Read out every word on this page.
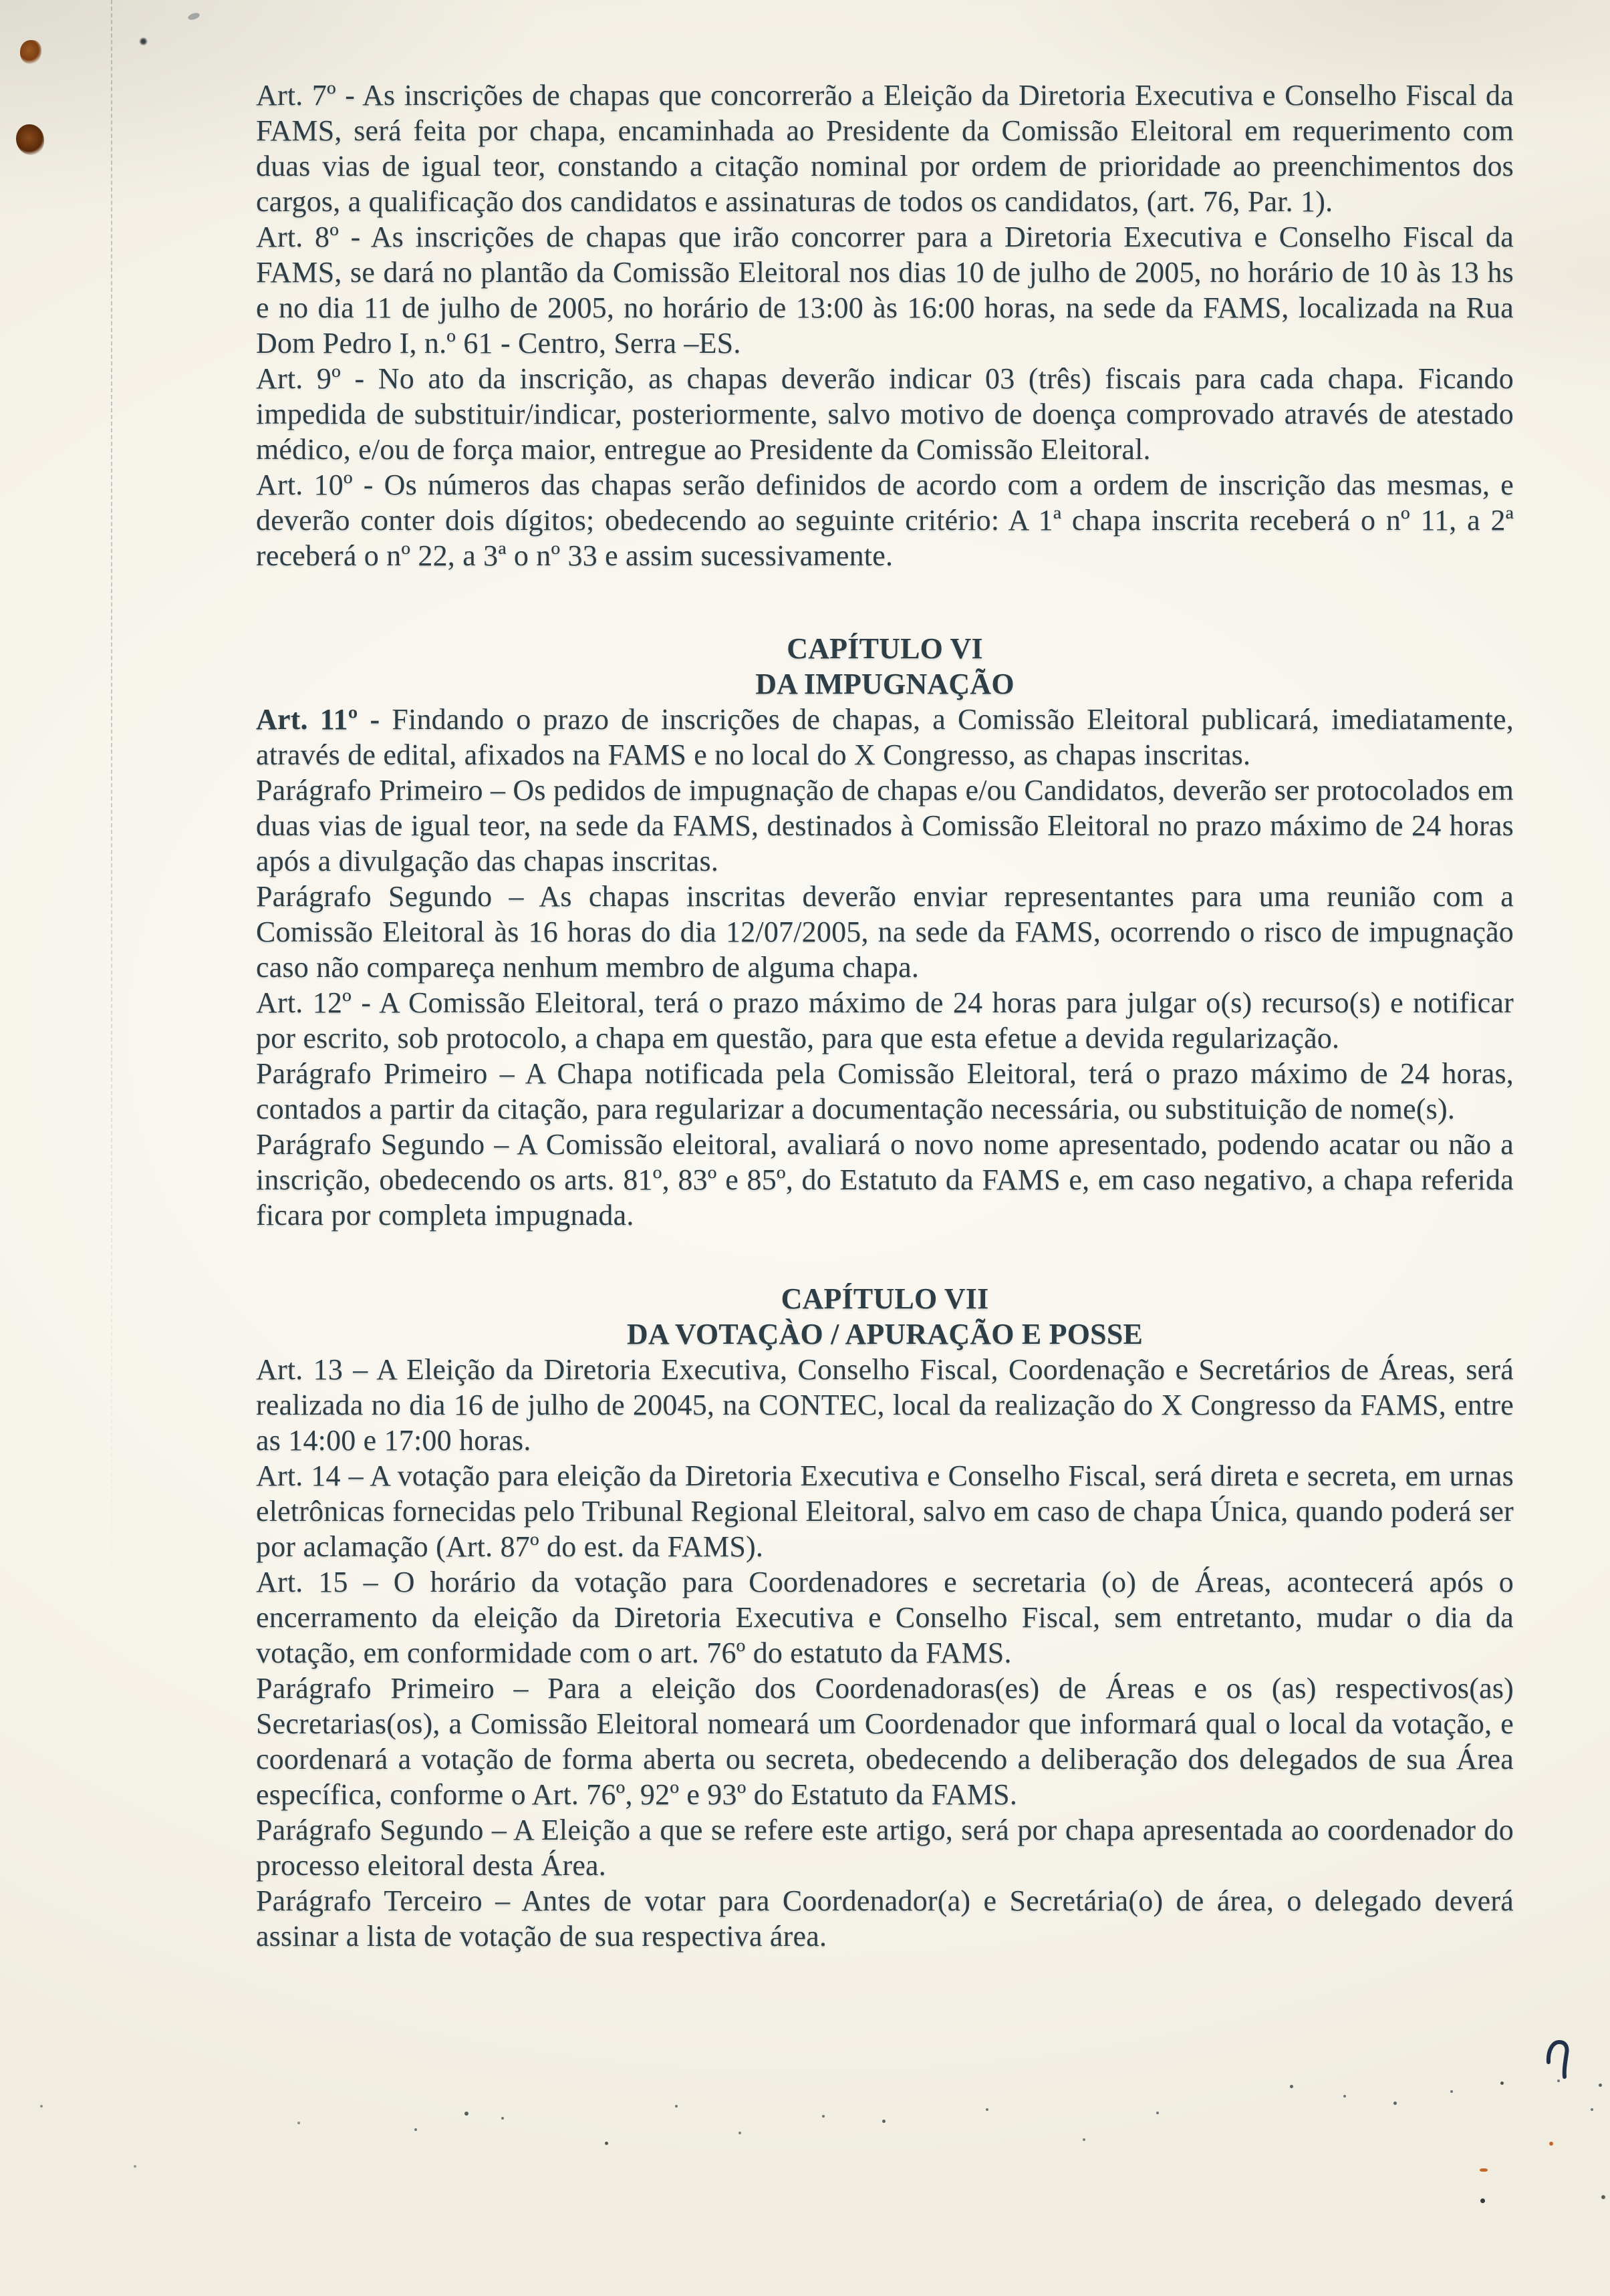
Art. 7º - As inscrições de chapas que concorrerão a Eleição da Diretoria Executiva e Conselho Fiscal da FAMS, será feita por chapa, encaminhada ao Presidente da Comissão Eleitoral em requerimento com duas vias de igual teor, constando a citação nominal por ordem de prioridade ao preenchimentos dos cargos, a qualificação dos candidatos e assinaturas de todos os candidatos, (art. 76, Par. 1).

Art. 8º - As inscrições de chapas que irão concorrer para a Diretoria Executiva e Conselho Fiscal da FAMS, se dará no plantão da Comissão Eleitoral nos dias 10 de julho de 2005, no horário de 10 às 13 hs e no dia 11 de julho de 2005, no horário de 13:00 às 16:00 horas, na sede da FAMS, localizada na Rua Dom Pedro I, n.º 61 - Centro, Serra –ES.

Art. 9º - No ato da inscrição, as chapas deverão indicar 03 (três) fiscais para cada chapa. Ficando impedida de substituir/indicar, posteriormente, salvo motivo de doença comprovado através de atestado médico, e/ou de força maior, entregue ao Presidente da Comissão Eleitoral.

Art. 10º - Os números das chapas serão definidos de acordo com a ordem de inscrição das mesmas, e deverão conter dois dígitos; obedecendo ao seguinte critério: A 1ª chapa inscrita receberá o nº 11, a 2ª receberá o nº 22, a 3ª o nº 33 e assim sucessivamente.

CAPÍTULO VI
DA IMPUGNAÇÃO

Art. 11º - Findando o prazo de inscrições de chapas, a Comissão Eleitoral publicará, imediatamente, através de edital, afixados na FAMS e no local do X Congresso, as chapas inscritas.

Parágrafo Primeiro – Os pedidos de impugnação de chapas e/ou Candidatos, deverão ser protocolados em duas vias de igual teor, na sede da FAMS, destinados à Comissão Eleitoral no prazo máximo de 24 horas após a divulgação das chapas inscritas.

Parágrafo Segundo – As chapas inscritas deverão enviar representantes para uma reunião com a Comissão Eleitoral às 16 horas do dia 12/07/2005, na sede da FAMS, ocorrendo o risco de impugnação caso não compareça nenhum membro de alguma chapa.

Art. 12º - A Comissão Eleitoral, terá o prazo máximo de 24 horas para julgar o(s) recurso(s) e notificar por escrito, sob protocolo, a chapa em questão, para que esta efetue a devida regularização.

Parágrafo Primeiro – A Chapa notificada pela Comissão Eleitoral, terá o prazo máximo de 24 horas, contados a partir da citação, para regularizar a documentação necessária, ou substituição de nome(s).

Parágrafo Segundo – A Comissão eleitoral, avaliará o novo nome apresentado, podendo acatar ou não a inscrição, obedecendo os arts. 81º, 83º e 85º, do Estatuto da FAMS e, em caso negativo, a chapa referida ficara por completa impugnada.

CAPÍTULO VII
DA VOTAÇÀO / APURAÇÃO E POSSE

Art. 13 – A Eleição da Diretoria Executiva, Conselho Fiscal, Coordenação e Secretários de Áreas, será realizada no dia 16 de julho de 20045, na CONTEC, local da realização do X Congresso da FAMS, entre as 14:00 e 17:00 horas.

Art. 14 – A votação para eleição da Diretoria Executiva e Conselho Fiscal, será direta e secreta, em urnas eletrônicas fornecidas pelo Tribunal Regional Eleitoral, salvo em caso de chapa Única, quando poderá ser por aclamação (Art. 87º do est. da FAMS).

Art. 15 – O horário da votação para Coordenadores e secretaria (o) de Áreas, acontecerá após o encerramento da eleição da Diretoria Executiva e Conselho Fiscal, sem entretanto, mudar o dia da votação, em conformidade com o art. 76º do estatuto da FAMS.

Parágrafo Primeiro – Para a eleição dos Coordenadoras(es) de Áreas e os (as) respectivos(as) Secretarias(os), a Comissão Eleitoral nomeará um Coordenador que informará qual o local da votação, e coordenará a votação de forma aberta ou secreta, obedecendo a deliberação dos delegados de sua Área específica, conforme o Art. 76º, 92º e 93º do Estatuto da FAMS.

Parágrafo Segundo – A Eleição a que se refere este artigo, será por chapa apresentada ao coordenador do processo eleitoral desta Área.

Parágrafo Terceiro – Antes de votar para Coordenador(a) e Secretária(o) de área, o delegado deverá assinar a lista de votação de sua respectiva área.
